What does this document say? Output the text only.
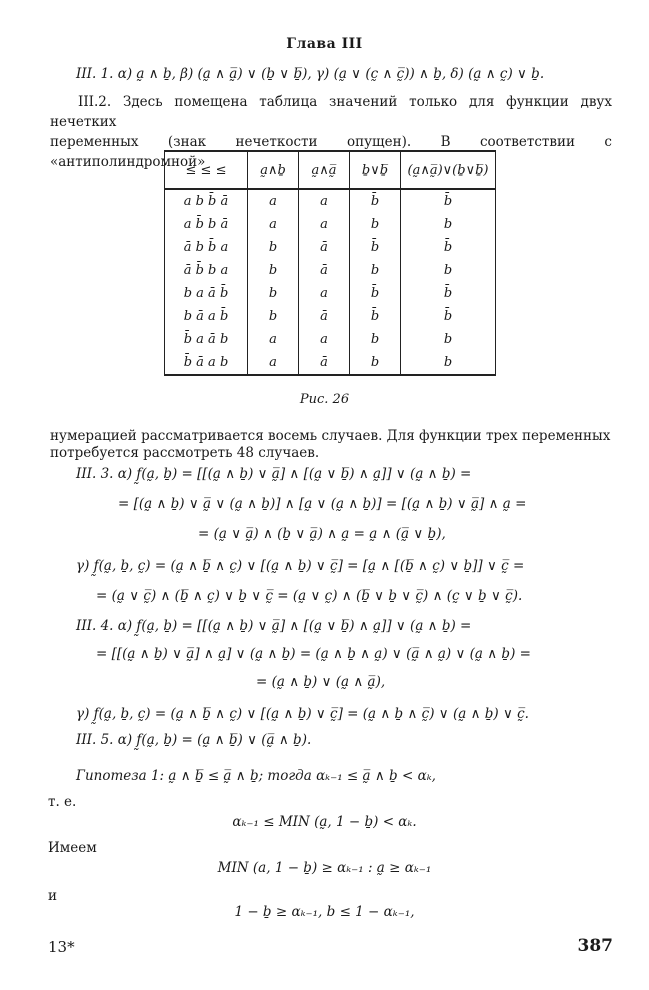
Глава III
III. 1. α) a̰ ∧ ḇ, β) (a̰ ∧ a̰̅) ∨ (ḇ ∨ ḇ̅), γ) (a̰ ∨ (c̰ ∧ c̰̅)) ∧ ḇ, δ) (a̰ ∧ c̰) ∨ ḇ.

III.2. Здесь помещена таблица значений только для функции двух нечетких

переменных (знак нечеткости опущен). В соответствии с «антиполиндромной»

≤ ≤ ≤	a̰∧ḇ	a̰∧a̰̅	ḇ∨ḇ̅	(a̰∧a̰̅)∨(ḇ∨ḇ̅)
a b b̄ ā	a	a	b̄	b̄
a b̄ b ā	a	a	b	b
ā b b̄ a	b	ā	b̄	b̄
ā b̄ b a	b	ā	b	b
b a ā b̄	b	a	b̄	b̄
b ā a b̄	b	ā	b̄	b̄
b̄ a ā b	a	a	b	b
b̄ ā a b	a	ā	b	b
Рис. 26
нумерацией рассматривается восемь случаев. Для функции трех переменных
потребуется рассмотреть 48 случаев.
III. 3. α) f̰(a̰, ḇ) = [[(a̰ ∧ ḇ) ∨ a̰̅] ∧ [(a̰ ∨ ḇ̅) ∧ a̰]] ∨ (a̰ ∧ ḇ) =
= [(a̰ ∧ ḇ) ∨ a̰̅ ∨ (a̰ ∧ ḇ)] ∧ [a̰ ∨ (a̰ ∧ ḇ)] = [(a̰ ∧ ḇ) ∨ a̰̅] ∧ a̰ =
= (a̰ ∨ a̰̅) ∧ (ḇ ∨ a̰̅) ∧ a̰ = a̰ ∧ (a̰̅ ∨ ḇ),
γ) f̰(a̰, ḇ, c̰) = (a̰ ∧ ḇ̅ ∧ c̰) ∨ [(a̰ ∧ ḇ) ∨ c̰̅] = [a̰ ∧ [(ḇ̅ ∧ c̰) ∨ ḇ]] ∨ c̰̅ =
= (a̰ ∨ c̰̅) ∧ (ḇ̅ ∧ c̰) ∨ ḇ ∨ c̰̅ = (a̰ ∨ c̰) ∧ (ḇ̅ ∨ ḇ ∨ c̰̅) ∧ (c̰ ∨ ḇ ∨ c̰̅).
III. 4. α) f̰(a̰, ḇ) = [[(a̰ ∧ ḇ) ∨ a̰̅] ∧ [(a̰ ∨ ḇ̅) ∧ a̰]] ∨ (a̰ ∧ ḇ) =
= [[(a̰ ∧ ḇ) ∨ a̰̅] ∧ a̰] ∨ (a̰ ∧ ḇ) = (a̰ ∧ ḇ ∧ a̰) ∨ (a̰̅ ∧ a̰) ∨ (a̰ ∧ ḇ) =
= (a̰ ∧ ḇ) ∨ (a̰ ∧ a̰̅),
γ) f̰(a̰, ḇ, c̰) = (a̰ ∧ ḇ̅ ∧ c̰) ∨ [(a̰ ∧ ḇ) ∨ c̰̅] = (a̰ ∧ ḇ ∧ c̰̅) ∨ (a̰ ∧ ḇ) ∨ c̰̅.
III. 5. α) f̰(a̰, ḇ) = (a̰ ∧ ḇ̅) ∨ (a̰̅ ∧ ḇ).
Гипотеза 1: a̰ ∧ ḇ̅ ≤ a̰̅ ∧ ḇ; тогда αₖ₋₁ ≤ a̰̅ ∧ ḇ < αₖ,
т. е.
αₖ₋₁ ≤ MIN (a̰, 1 − ḇ) < αₖ.
Имеем
MIN (a, 1 − ḇ) ≥ αₖ₋₁ : a̰ ≥ αₖ₋₁
и
1 − ḇ ≥ αₖ₋₁, b ≤ 1 − αₖ₋₁,
13*	387
